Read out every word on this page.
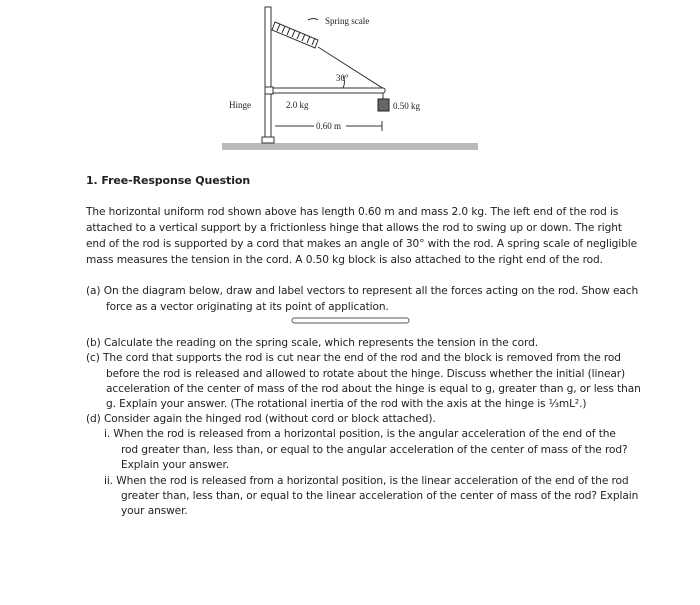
Spring scale
30°
Hinge	2.0 kg
0.60 m
0.50 kg
1. Free-Response Question
The horizontal uniform rod shown above has length 0.60 m and mass 2.0 kg. The left end of the rod is
attached to a vertical support by a frictionless hinge that allows the rod to swing up or down. The right
end of the rod is supported by a cord that makes an angle of 30° with the rod. A spring scale of negligible
mass measures the tension in the cord. A 0.50 kg block is also attached to the right end of the rod.
(a) On the diagram below, draw and label vectors to represent all the forces acting on the rod. Show each
force as a vector originating at its point of application.
(b) Calculate the reading on the spring scale, which represents the tension in the cord.
(c) The cord that supports the rod is cut near the end of the rod and the block is removed from the rod
before the rod is released and allowed to rotate about the hinge. Discuss whether the initial (linear)
acceleration of the center of mass of the rod about the hinge is equal to g, greater than g, or less than
g. Explain your answer. (The rotational inertia of the rod with the axis at the hinge is ⅓mL².)
(d) Consider again the hinged rod (without cord or block attached).
i. When the rod is released from a horizontal position, is the angular acceleration of the end of the
rod greater than, less than, or equal to the angular acceleration of the center of mass of the rod?
Explain your answer.
ii. When the rod is released from a horizontal position, is the linear acceleration of the end of the rod
greater than, less than, or equal to the linear acceleration of the center of mass of the rod? Explain
your answer.
